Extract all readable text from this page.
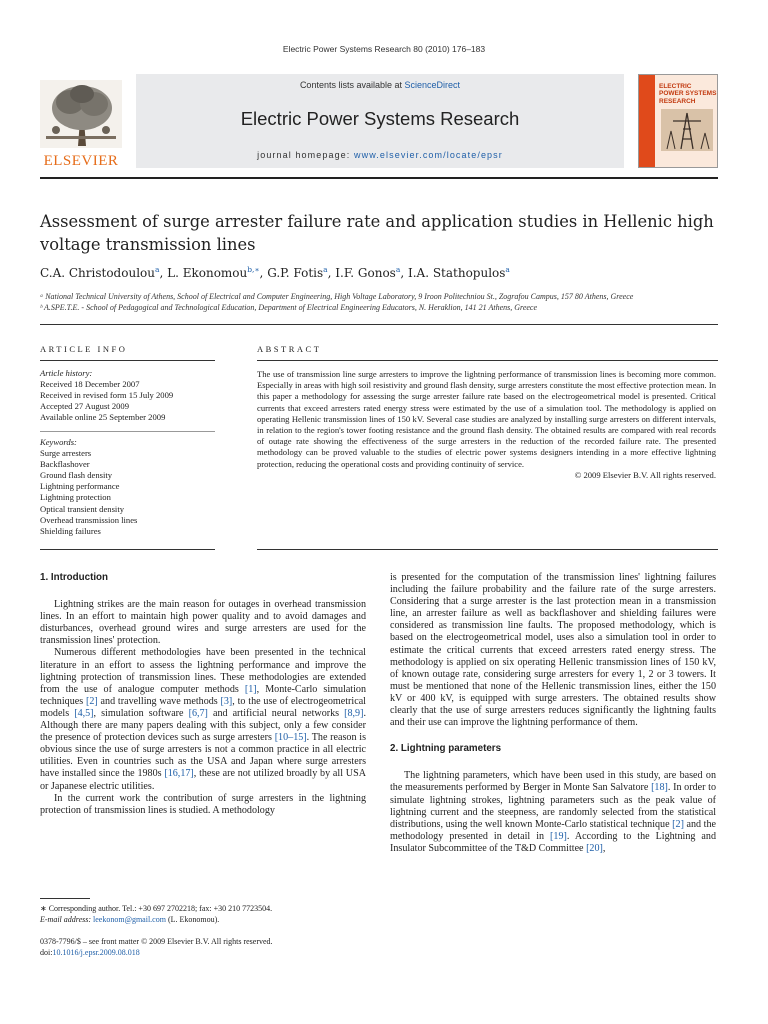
Electric Power Systems Research 80 (2010) 176–183
ELSEVIER
Contents lists available at ScienceDirect
Electric Power Systems Research
journal homepage: www.elsevier.com/locate/epsr
ELECTRIC POWER SYSTEMS RESEARCH
Assessment of surge arrester failure rate and application studies in Hellenic high voltage transmission lines
C.A. Christodoulou$^a$, L. Ekonomou$^{b,∗}$, G.P. Fotis$^a$, I.F. Gonos$^a$, I.A. Stathopulos$^a$
ᵃ National Technical University of Athens, School of Electrical and Computer Engineering, High Voltage Laboratory, 9 Iroon Politechniou St., Zografou Campus, 157 80 Athens, Greece
ᵇ A.SPE.T.E. - School of Pedagogical and Technological Education, Department of Electrical Engineering Educators, N. Heraklion, 141 21 Athens, Greece
ARTICLE INFO
Article history:
Received 18 December 2007
Received in revised form 15 July 2009
Accepted 27 August 2009
Available online 25 September 2009
Keywords:
Surge arresters
Backflashover
Ground flash density
Lightning performance
Lightning protection
Optical transient density
Overhead transmission lines
Shielding failures
ABSTRACT
The use of transmission line surge arresters to improve the lightning performance of transmission lines is becoming more common. Especially in areas with high soil resistivity and ground flash density, surge arresters constitute the most effective protection mean. In this paper a methodology for assessing the surge arrester failure rate based on the electrogeometrical model is presented. Critical currents that exceed arresters rated energy stress were estimated by the use of a simulation tool. The methodology is applied on operating Hellenic transmission lines of 150 kV. Several case studies are analyzed by installing surge arresters on different intervals, in relation to the region's tower footing resistance and the ground flash density. The obtained results are compared with real records of outage rate showing the effectiveness of the surge arresters in the reduction of the recorded failure rate. The presented methodology can be proved valuable to the studies of electric power systems designers intending in a more effective lightning protection, reducing the operational costs and providing continuity of service.
© 2009 Elsevier B.V. All rights reserved.
1. Introduction

Lightning strikes are the main reason for outages in overhead transmission lines. In an effort to maintain high power quality and to avoid damages and disturbances, overhead ground wires and surge arresters are used for the transmission lines' protection.

Numerous different methodologies have been presented in the technical literature in an effort to assess the lightning performance and improve the lightning protection of transmission lines. These methodologies are extended from the use of analogue computer methods [1], Monte-Carlo simulation techniques [2] and travelling wave methods [3], to the use of electrogeometrical models [4,5], simulation software [6,7] and artificial neural networks [8,9]. Although there are many papers dealing with this subject, only a few consider the presence of protection devices such as surge arresters [10–15]. The reason is obvious since the use of surge arresters is not a common practice in all electric utilities. Even in countries such as the USA and Japan where surge arresters have installed since the 1980s [16,17], these are not utilized broadly by all USA or Japanese electric utilities.

In the current work the contribution of surge arresters in the lightning protection of transmission lines is studied. A methodology

is presented for the computation of the transmission lines' lightning failures including the failure probability and the failure rate of the surge arresters. Considering that a surge arrester is the last protection mean in a transmission line, an arrester failure as well as backflashover and shielding failures were considered as transmission line faults. The proposed methodology, which is based on the electrogeometrical model, uses also a simulation tool in order to estimate the critical currents that exceed arresters rated energy stress. The methodology is applied on six operating Hellenic transmission lines of 150 kV, of known outage rate, considering surge arresters for every 1, 2 or 3 towers. It must be mentioned that none of the Hellenic transmission lines, either the 150 kV or 400 kV, is equipped with surge arresters. The obtained results show clearly that the use of surge arresters reduces significantly the lightning faults and their use can improve the lightning performance of them.

2. Lightning parameters

The lightning parameters, which have been used in this study, are based on the measurements performed by Berger in Monte San Salvatore [18]. In order to simulate lightning strokes, lightning parameters such as the peak value of lightning current and the steepness, are randomly selected from the statistical distributions, using the well known Monte-Carlo statistical technique [2] and the methodology presented in detail in [19]. According to the Lightning and Insulator Subcommittee of the T&D Committee [20],

∗ Corresponding author. Tel.: +30 697 2702218; fax: +30 210 7723504.
E-mail address: leekonom@gmail.com (L. Ekonomou).
0378-7796/$ – see front matter © 2009 Elsevier B.V. All rights reserved.
doi:10.1016/j.epsr.2009.08.018
